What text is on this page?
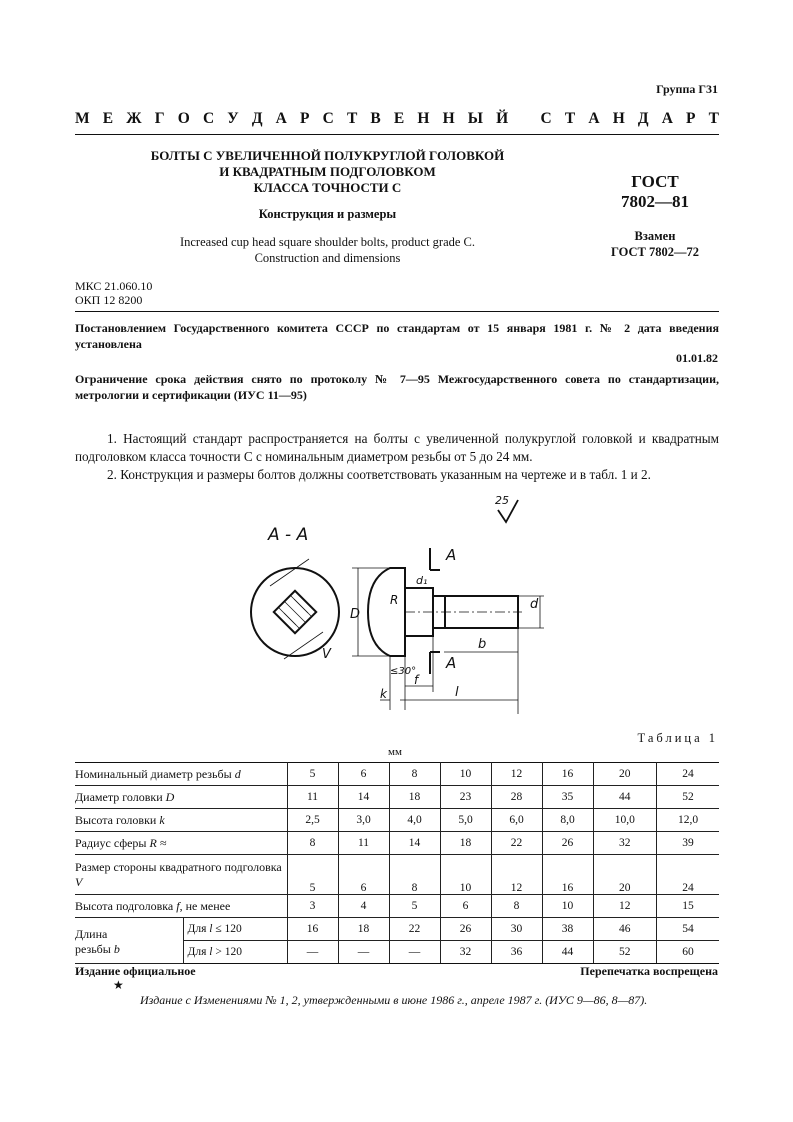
Группа Г31
М Е Ж Г О С У Д А Р С Т В Е Н Н Ы Й С Т А Н Д А Р Т
БОЛТЫ С УВЕЛИЧЕННОЙ ПОЛУКРУГЛОЙ ГОЛОВКОЙ
И КВАДРАТНЫМ ПОДГОЛОВКОМ
КЛАССА ТОЧНОСТИ С
Конструкция и размеры
Increased cup head square shoulder bolts, product grade C.
Construction and dimensions
ГОСТ
7802—81
Взамен
ГОСТ 7802—72
МКС 21.060.10
ОКП 12 8200
Постановлением Государственного комитета СССР по стандартам от 15 января 1981 г. № 2 дата введения установлена
01.01.82
Ограничение срока действия снято по протоколу № 7—95 Межгосударственного совета по стандартизации, метрологии и сертификации (ИУС 11—95)
1. Настоящий стандарт распространяется на болты с увеличенной полукруглой головкой и квадратным подголовком класса точности С с номинальным диаметром резьбы от 5 до 24 мм.
2. Конструкция и размеры болтов должны соответствовать указанным на чертеже и в табл. 1 и 2.
А - А
V
25
А
А
D
R
d₁
d
b
≤30°
f
k	l
Таблица 1
мм
Номинальный диаметр резьбы d		5	6	8	10	12	16	20	24
Диаметр головки D		11	14	18	23	28	35	44	52
Высота головки k		2,5	3,0	4,0	5,0	6,0	8,0	10,0	12,0
Радиус сферы R ≈		8	11	14	18	22	26	32	39
Размер стороны квадратного подголовка V		5	6	8	10	12	16	20	24
Высота подголовка f, не менее		3	4	5	6	8	10	12	15

Длина
резьбы b	Для l ≤ 120	16	18	22	26	30	38	46	54
	Для l > 120	—	—	—	32	36	44	52	60
Издание официальное	Перепечатка воспрещена
★
Издание с Изменениями № 1, 2, утвержденными в июне 1986 г., апреле 1987 г. (ИУС 9—86, 8—87).
